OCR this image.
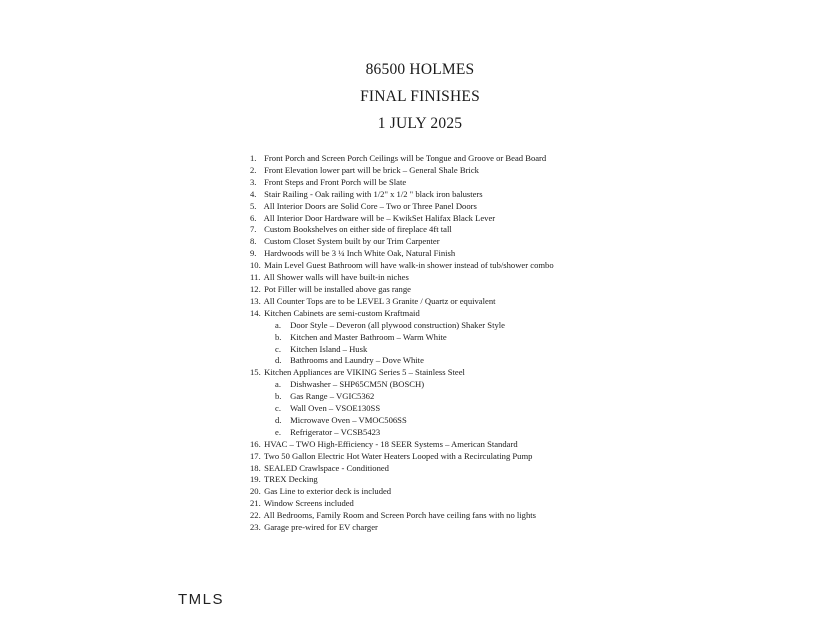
86500 HOLMES
FINAL FINISHES
1 JULY 2025
1. Front Porch and Screen Porch Ceilings will be Tongue and Groove or Bead Board
2. Front Elevation lower part will be brick – General Shale Brick
3. Front Steps and Front Porch will be Slate
4. Stair Railing - Oak railing with 1/2" x 1/2 " black iron balusters
5. All Interior Doors are Solid Core – Two or Three Panel Doors
6. All Interior Door Hardware will be – KwikSet Halifax Black Lever
7. Custom Bookshelves on either side of fireplace 4ft tall
8. Custom Closet System built by our Trim Carpenter
9. Hardwoods will be 3 ¼ Inch White Oak, Natural Finish
10. Main Level Guest Bathroom will have walk-in shower instead of tub/shower combo
11. All Shower walls will have built-in niches
12. Pot Filler will be installed above gas range
13. All Counter Tops are to be LEVEL 3 Granite / Quartz or equivalent
14. Kitchen Cabinets are semi-custom Kraftmaid
a. Door Style – Deveron (all plywood construction) Shaker Style
b. Kitchen and Master Bathroom – Warm White
c. Kitchen Island – Husk
d. Bathrooms and Laundry – Dove White
15. Kitchen Appliances are VIKING Series 5 – Stainless Steel
a. Dishwasher – SHP65CM5N (BOSCH)
b. Gas Range – VGIC5362
c. Wall Oven – VSOE130SS
d. Microwave Oven – VMOC506SS
e. Refrigerator – VCSB5423
16. HVAC – TWO High-Efficiency - 18 SEER Systems – American Standard
17. Two 50 Gallon Electric Hot Water Heaters Looped with a Recirculating Pump
18. SEALED Crawlspace - Conditioned
19. TREX Decking
20. Gas Line to exterior deck is included
21. Window Screens included
22. All Bedrooms, Family Room and Screen Porch have ceiling fans with no lights
23. Garage pre-wired for EV charger
TMLS
